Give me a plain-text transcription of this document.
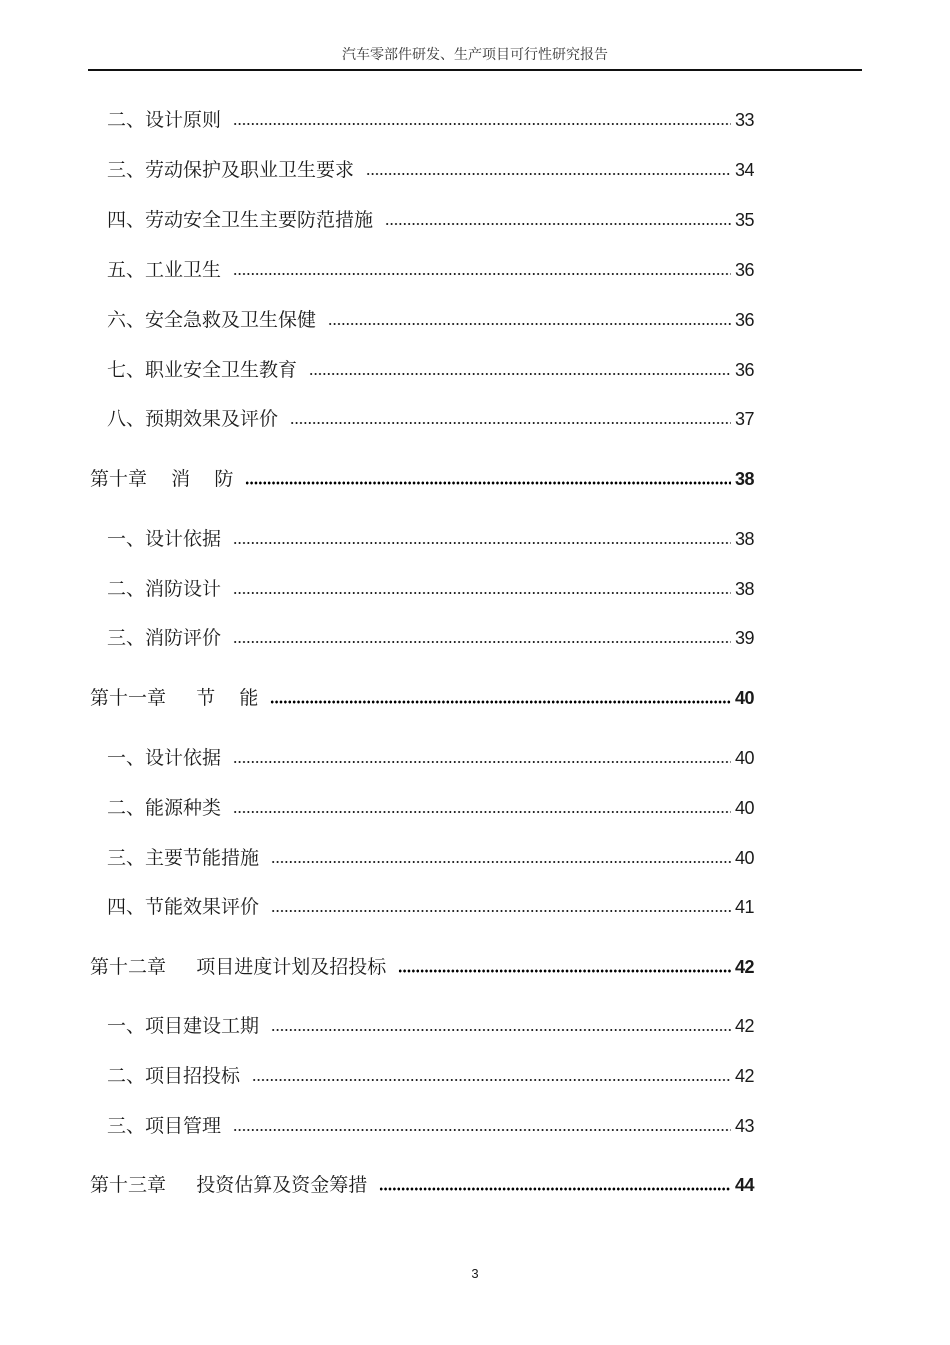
汽车零部件研发、生产项目可行性研究报告
二、设计原则	33
三、劳动保护及职业卫生要求	34
四、劳动安全卫生主要防范措施	35
五、工业卫生	36
六、安全急救及卫生保健	36
七、职业安全卫生教育	36
八、预期效果及评价	37
第十章    消    防	38
一、设计依据	38
二、消防设计	38
三、消防评价	39
第十一章     节    能	40
一、设计依据	40
二、能源种类	40
三、主要节能措施	40
四、节能效果评价	41
第十二章     项目进度计划及招投标	42
一、项目建设工期	42
二、项目招投标	42
三、项目管理	43
第十三章     投资估算及资金筹措	44
3
